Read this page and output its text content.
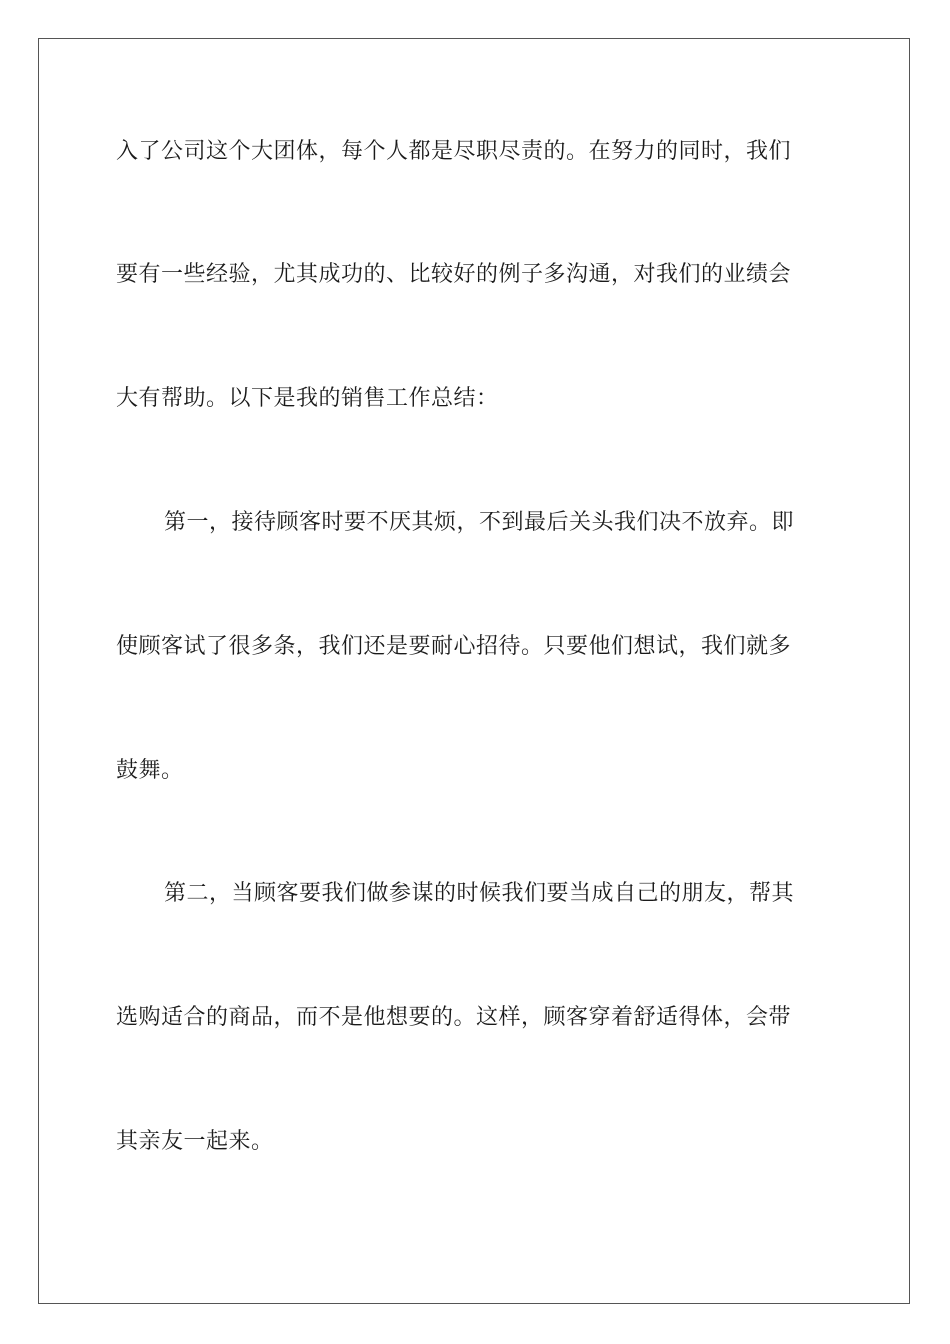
入了公司这个大团体，每个人都是尽职尽责的。在努力的同时，我们
要有一些经验，尤其成功的、比较好的例子多沟通，对我们的业绩会
大有帮助。以下是我的销售工作总结：
第一，接待顾客时要不厌其烦，不到最后关头我们决不放弃。即
使顾客试了很多条，我们还是要耐心招待。只要他们想试，我们就多
鼓舞。
第二，当顾客要我们做参谋的时候我们要当成自己的朋友，帮其
选购适合的商品，而不是他想要的。这样，顾客穿着舒适得体，会带
其亲友一起来。
